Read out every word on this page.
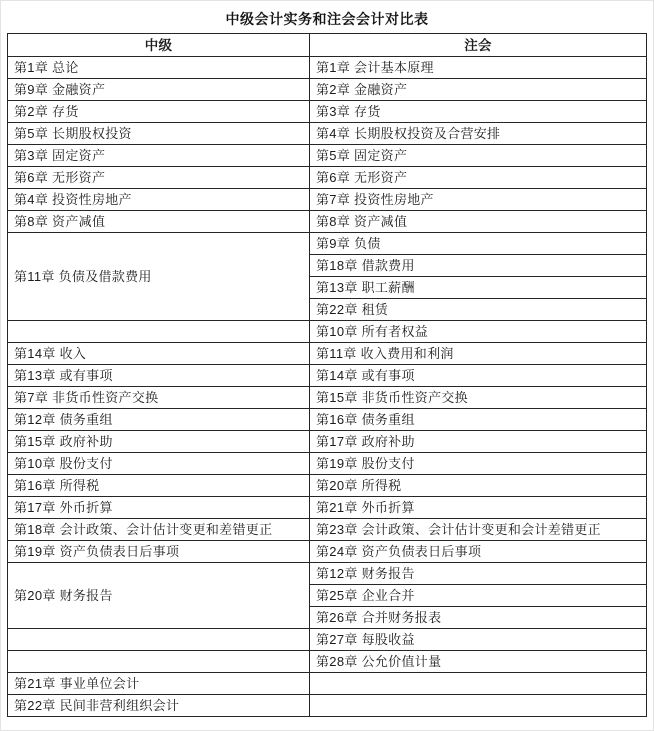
中级会计实务和注会会计对比表
中级	注会
第1章 总论	第1章 会计基本原理
第9章 金融资产	第2章 金融资产
第2章 存货	第3章 存货
第5章 长期股权投资	第4章 长期股权投资及合营安排
第3章 固定资产	第5章 固定资产
第6章 无形资产	第6章 无形资产
第4章 投资性房地产	第7章 投资性房地产
第8章 资产减值	第8章 资产减值
第11章 负债及借款费用	第9章 负债
	第18章 借款费用
	第13章 职工薪酬
	第22章 租赁
	第10章 所有者权益
第14章 收入	第11章 收入费用和利润
第13章 或有事项	第14章 或有事项
第7章 非货币性资产交换	第15章 非货币性资产交换
第12章 债务重组	第16章 债务重组
第15章 政府补助	第17章 政府补助
第10章 股份支付	第19章 股份支付
第16章 所得税	第20章 所得税
第17章 外币折算	第21章 外币折算
第18章 会计政策、会计估计变更和差错更正	第23章 会计政策、会计估计变更和会计差错更正
第19章 资产负债表日后事项	第24章 资产负债表日后事项
第20章 财务报告	第12章 财务报告
	第25章 企业合并
	第26章 合并财务报表
	第27章 每股收益
	第28章 公允价值计量
第21章 事业单位会计	
第22章 民间非营利组织会计	
